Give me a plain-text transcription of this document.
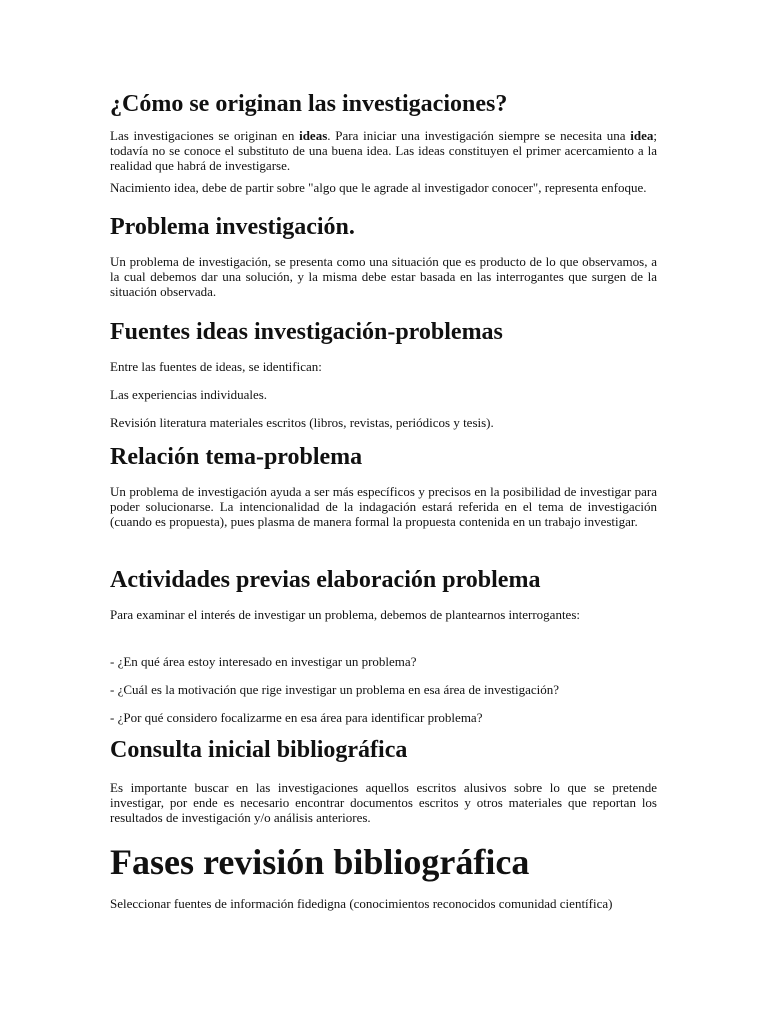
¿Cómo se originan las investigaciones?

Las investigaciones se originan en ideas. Para iniciar una investigación siempre se necesita una idea; todavía no se conoce el substituto de una buena idea. Las ideas constituyen el primer acercamiento a la realidad que habrá de investigarse.

Nacimiento idea, debe de partir sobre "algo que le agrade al investigador conocer", representa enfoque.

Problema investigación.

Un problema de investigación, se presenta como una situación que es producto de lo que observamos, a la cual debemos dar una solución, y la misma debe estar basada en las interrogantes que surgen de la situación observada.

Fuentes ideas investigación-problemas

Entre las fuentes de ideas, se identifican:

Las experiencias individuales.

Revisión literatura materiales escritos (libros, revistas, periódicos y tesis).

Relación tema-problema

Un problema de investigación ayuda a ser más específicos y precisos en la posibilidad de investigar para poder solucionarse. La intencionalidad de la indagación estará referida en el tema de investigación (cuando es propuesta), pues plasma de manera formal la propuesta contenida en un trabajo investigar.

Actividades previas elaboración problema

Para examinar el interés de investigar un problema, debemos de plantearnos interrogantes:

- ¿En qué área estoy interesado en investigar un problema?

- ¿Cuál es la motivación que rige investigar un problema en esa área de investigación?

- ¿Por qué considero focalizarme en esa área para identificar problema?

Consulta inicial bibliográfica

Es importante buscar en las investigaciones aquellos escritos alusivos sobre lo que se pretende investigar, por ende es necesario encontrar documentos escritos y otros materiales que reportan los resultados de investigación y/o análisis anteriores.

Fases revisión bibliográfica

Seleccionar fuentes de información fidedigna (conocimientos reconocidos comunidad científica)
